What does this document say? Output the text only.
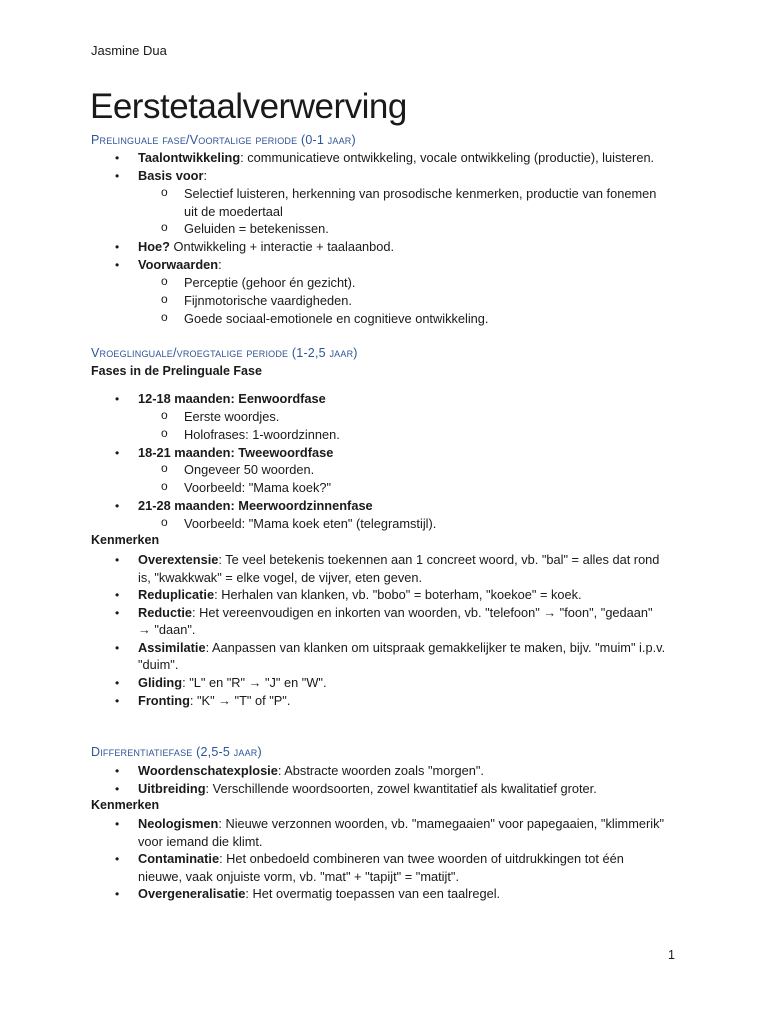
Jasmine Dua
Eerstetaalverwerving
Prelinguale fase/Voortalige periode (0-1 jaar)
• Taalontwikkeling: communicatieve ontwikkeling, vocale ontwikkeling (productie), luisteren.
• Basis voor:
o Selectief luisteren, herkenning van prosodische kenmerken, productie van fonemen
uit de moedertaal
o Geluiden = betekenissen.
• Hoe? Ontwikkeling + interactie + taalaanbod.
• Voorwaarden:
o Perceptie (gehoor én gezicht).
o Fijnmotorische vaardigheden.
o Goede sociaal-emotionele en cognitieve ontwikkeling.
Vroeglinguale/vroegtalige periode (1-2,5 jaar)
Fases in de Prelinguale Fase
• 12-18 maanden: Eenwoordfase
o Eerste woordjes.
o Holofrases: 1-woordzinnen.
• 18-21 maanden: Tweewoordfase
o Ongeveer 50 woorden.
o Voorbeeld: "Mama koek?"
• 21-28 maanden: Meerwoordzinnenfase
o Voorbeeld: "Mama koek eten" (telegramstijl).
Kenmerken
• Overextensie: Te veel betekenis toekennen aan 1 concreet woord, vb. "bal" = alles dat rond
is, "kwakkwak" = elke vogel, de vijver, eten geven.
• Reduplicatie: Herhalen van klanken, vb. "bobo" = boterham, "koekoe" = koek.
• Reductie: Het vereenvoudigen en inkorten van woorden, vb. "telefoon" → "foon", "gedaan"
→ "daan".
• Assimilatie: Aanpassen van klanken om uitspraak gemakkelijker te maken, bijv. "muim" i.p.v.
"duim".
• Gliding: "L" en "R" → "J" en "W".
• Fronting: "K" → "T" of "P".
Differentiatiefase (2,5-5 jaar)
• Woordenschatexplosie: Abstracte woorden zoals "morgen".
• Uitbreiding: Verschillende woordsoorten, zowel kwantitatief als kwalitatief groter.
Kenmerken
• Neologismen: Nieuwe verzonnen woorden, vb. "mamegaaien" voor papegaaien, "klimmerik"
voor iemand die klimt.
• Contaminatie: Het onbedoeld combineren van twee woorden of uitdrukkingen tot één
nieuwe, vaak onjuiste vorm, vb. "mat" + "tapijt" = "matijt".
• Overgeneralisatie: Het overmatig toepassen van een taalregel.
1
